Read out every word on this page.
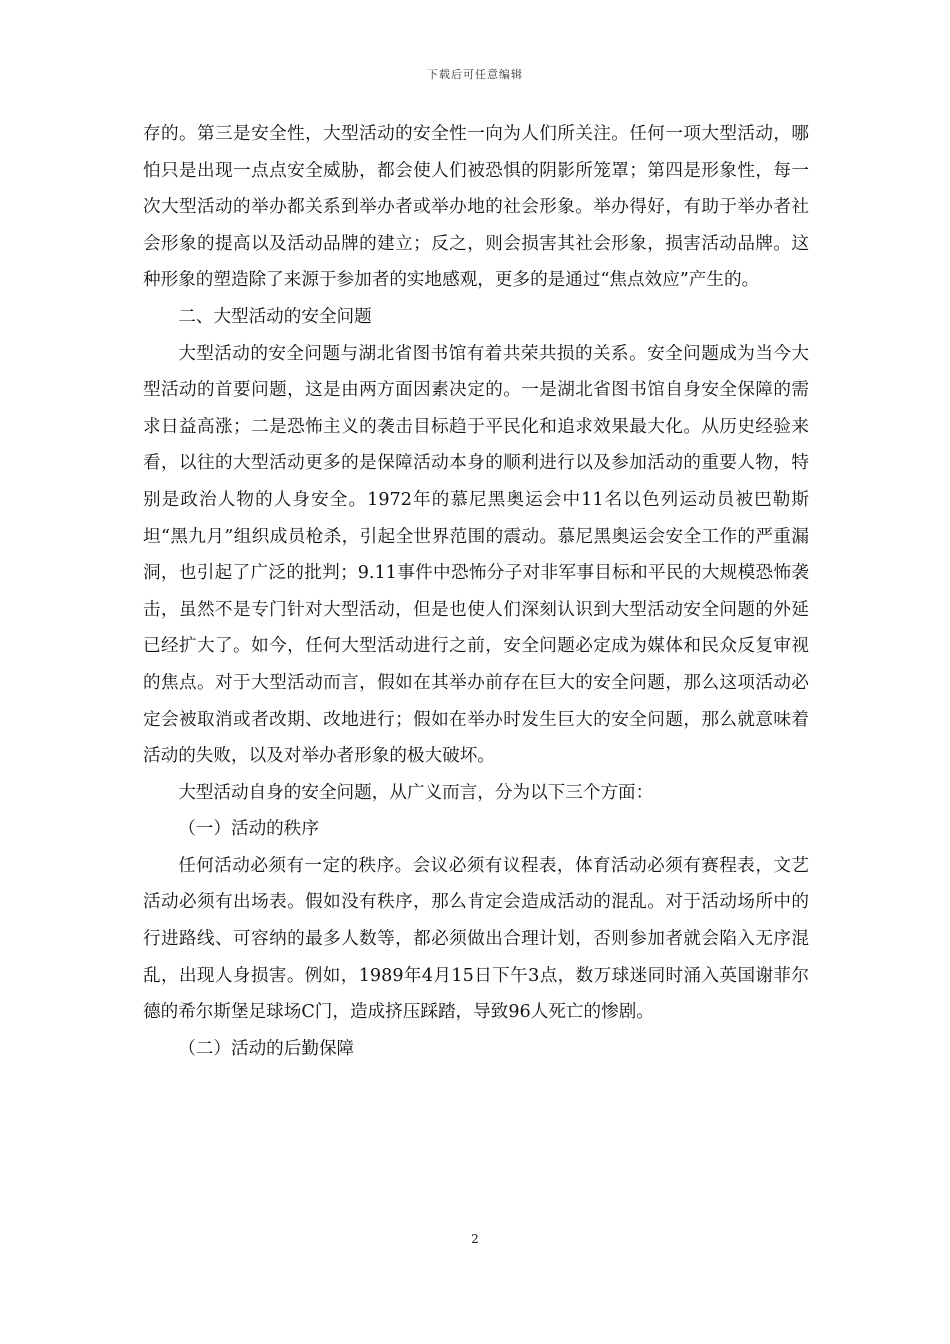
下载后可任意编辑

存的。第三是安全性，大型活动的安全性一向为人们所关注。任何一项大型活动，哪怕只是出现一点点安全威胁，都会使人们被恐惧的阴影所笼罩；第四是形象性，每一次大型活动的举办都关系到举办者或举办地的社会形象。举办得好，有助于举办者社会形象的提高以及活动品牌的建立；反之，则会损害其社会形象，损害活动品牌。这种形象的塑造除了来源于参加者的实地感观，更多的是通过“焦点效应”产生的。

二、大型活动的安全问题

大型活动的安全问题与湖北省图书馆有着共荣共损的关系。安全问题成为当今大型活动的首要问题，这是由两方面因素决定的。一是湖北省图书馆自身安全保障的需求日益高涨；二是恐怖主义的袭击目标趋于平民化和追求效果最大化。从历史经验来看，以往的大型活动更多的是保障活动本身的顺利进行以及参加活动的重要人物，特别是政治人物的人身安全。1972年的慕尼黑奥运会中11名以色列运动员被巴勒斯坦“黑九月”组织成员枪杀，引起全世界范围的震动。慕尼黑奥运会安全工作的严重漏洞，也引起了广泛的批判；9.11事件中恐怖分子对非军事目标和平民的大规模恐怖袭击，虽然不是专门针对大型活动，但是也使人们深刻认识到大型活动安全问题的外延已经扩大了。如今，任何大型活动进行之前，安全问题必定成为媒体和民众反复审视的焦点。对于大型活动而言，假如在其举办前存在巨大的安全问题，那么这项活动必定会被取消或者改期、改地进行；假如在举办时发生巨大的安全问题，那么就意味着活动的失败，以及对举办者形象的极大破坏。

大型活动自身的安全问题，从广义而言，分为以下三个方面：

（一）活动的秩序

任何活动必须有一定的秩序。会议必须有议程表，体育活动必须有赛程表，文艺活动必须有出场表。假如没有秩序，那么肯定会造成活动的混乱。对于活动场所中的行进路线、可容纳的最多人数等，都必须做出合理计划，否则参加者就会陷入无序混乱，出现人身损害。例如，1989年4月15日下午3点，数万球迷同时涌入英国谢菲尔德的希尔斯堡足球场C门，造成挤压踩踏，导致96人死亡的惨剧。

（二）活动的后勤保障

2
